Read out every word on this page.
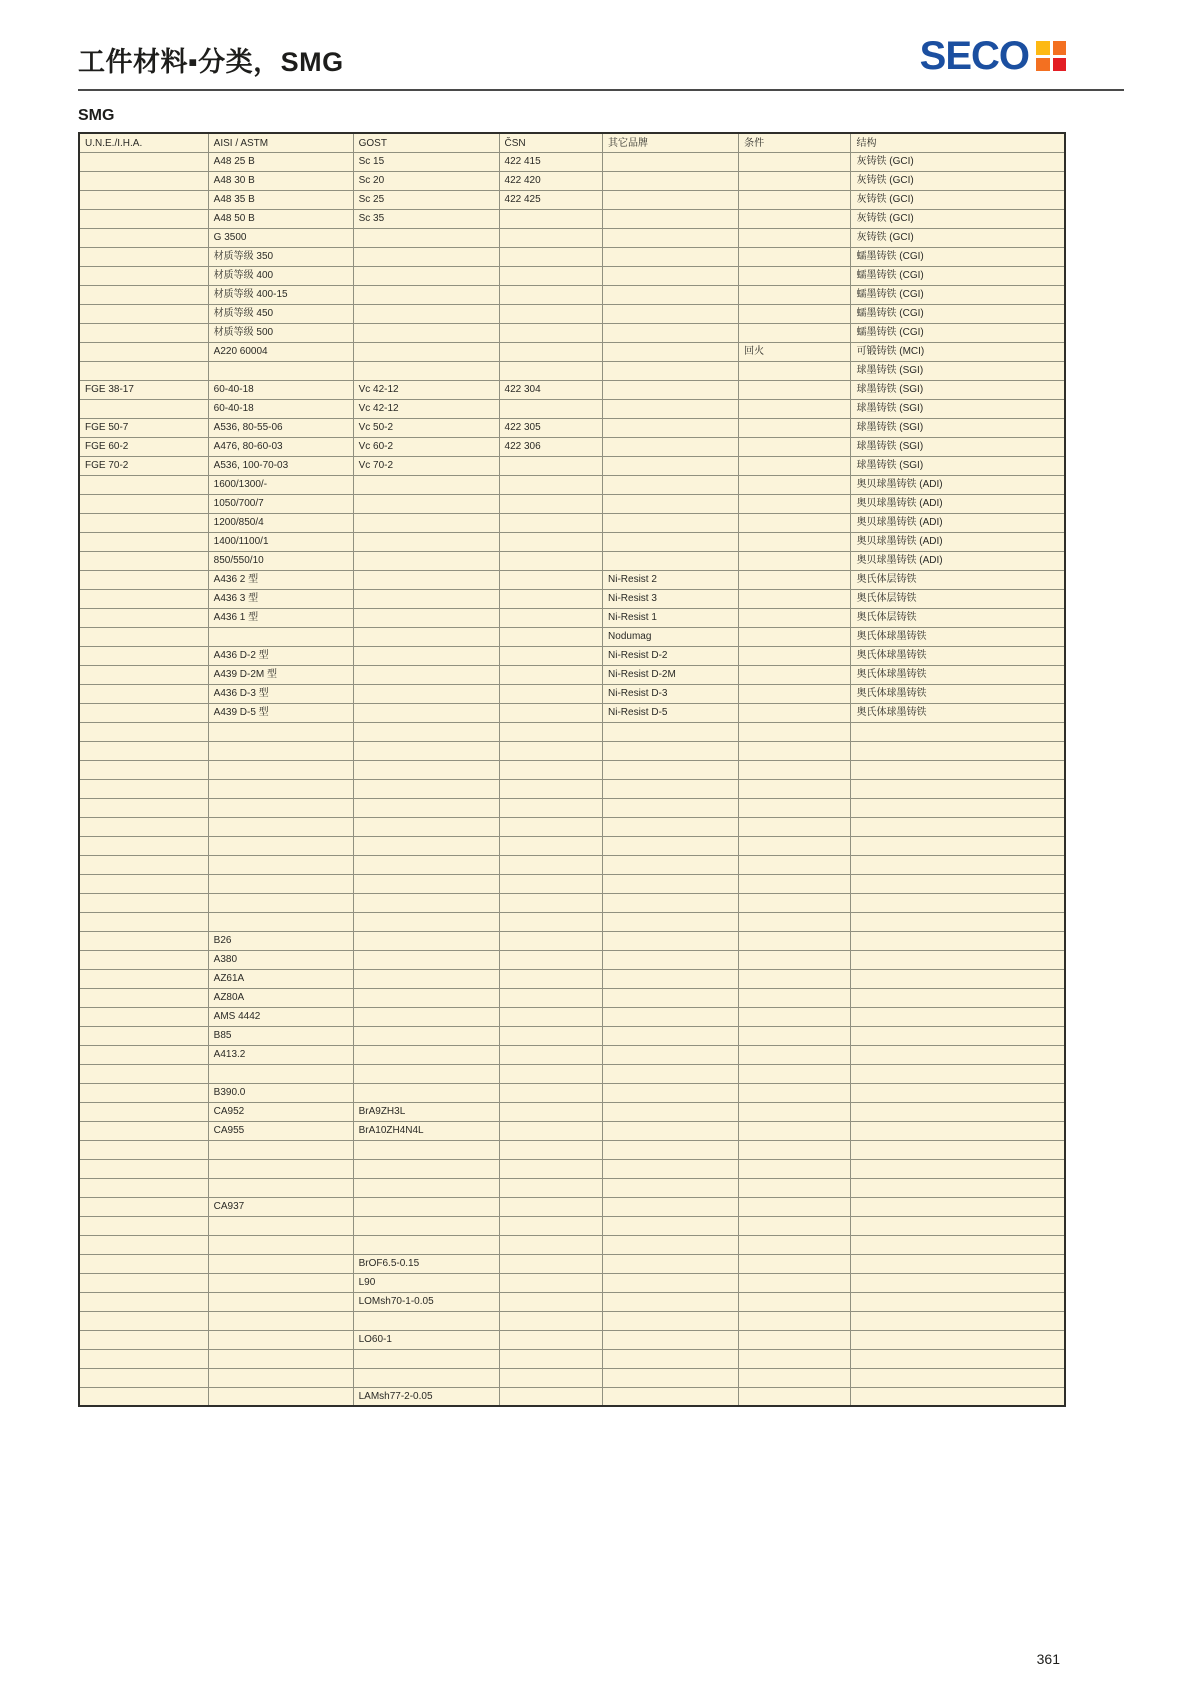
工件材料▪分类，SMG	SECO
SMG
U.N.E./I.H.A.	AISI / ASTM	GOST	ČSN	其它品牌	条件	结构
	A48 25 B	Sc 15	422 415			灰铸铁 (GCI)
	A48 30 B	Sc 20	422 420			灰铸铁 (GCI)
	A48 35 B	Sc 25	422 425			灰铸铁 (GCI)
	A48 50 B	Sc 35				灰铸铁 (GCI)
	G 3500					灰铸铁 (GCI)
	材质等级 350					蠕墨铸铁 (CGI)
	材质等级 400					蠕墨铸铁 (CGI)
	材质等级 400-15					蠕墨铸铁 (CGI)
	材质等级 450					蠕墨铸铁 (CGI)
	材质等级 500					蠕墨铸铁 (CGI)
	A220 60004				回火	可锻铸铁 (MCI)
						球墨铸铁 (SGI)
FGE 38-17	60-40-18	Vc 42-12	422 304			球墨铸铁 (SGI)
	60-40-18	Vc 42-12				球墨铸铁 (SGI)
FGE 50-7	A536, 80-55-06	Vc 50-2	422 305			球墨铸铁 (SGI)
FGE 60-2	A476, 80-60-03	Vc 60-2	422 306			球墨铸铁 (SGI)
FGE 70-2	A536, 100-70-03	Vc 70-2				球墨铸铁 (SGI)
	1600/1300/-					奥贝球墨铸铁 (ADI)
	1050/700/7					奥贝球墨铸铁 (ADI)
	1200/850/4					奥贝球墨铸铁 (ADI)
	1400/1100/1					奥贝球墨铸铁 (ADI)
	850/550/10					奥贝球墨铸铁 (ADI)
	A436 2 型			Ni-Resist 2		奥氏体层铸铁
	A436 3 型			Ni-Resist 3		奥氏体层铸铁
	A436 1 型			Ni-Resist 1		奥氏体层铸铁
				Nodumag		奥氏体球墨铸铁
	A436 D-2 型			Ni-Resist D-2		奥氏体球墨铸铁
	A439 D-2M 型			Ni-Resist D-2M		奥氏体球墨铸铁
	A436 D-3 型			Ni-Resist D-3		奥氏体球墨铸铁
	A439 D-5 型			Ni-Resist D-5		奥氏体球墨铸铁

	B26					
	A380					
	AZ61A					
	AZ80A					
	AMS 4442					
	B85					
	A413.2					

	B390.0					
	CA952	BrA9ZH3L				
	CA955	BrA10ZH4N4L				

	CA937					

		BrOF6.5-0.15				
		L90				
		LOMsh70-1-0.05				

		LO60-1				

		LAMsh77-2-0.05				
361
